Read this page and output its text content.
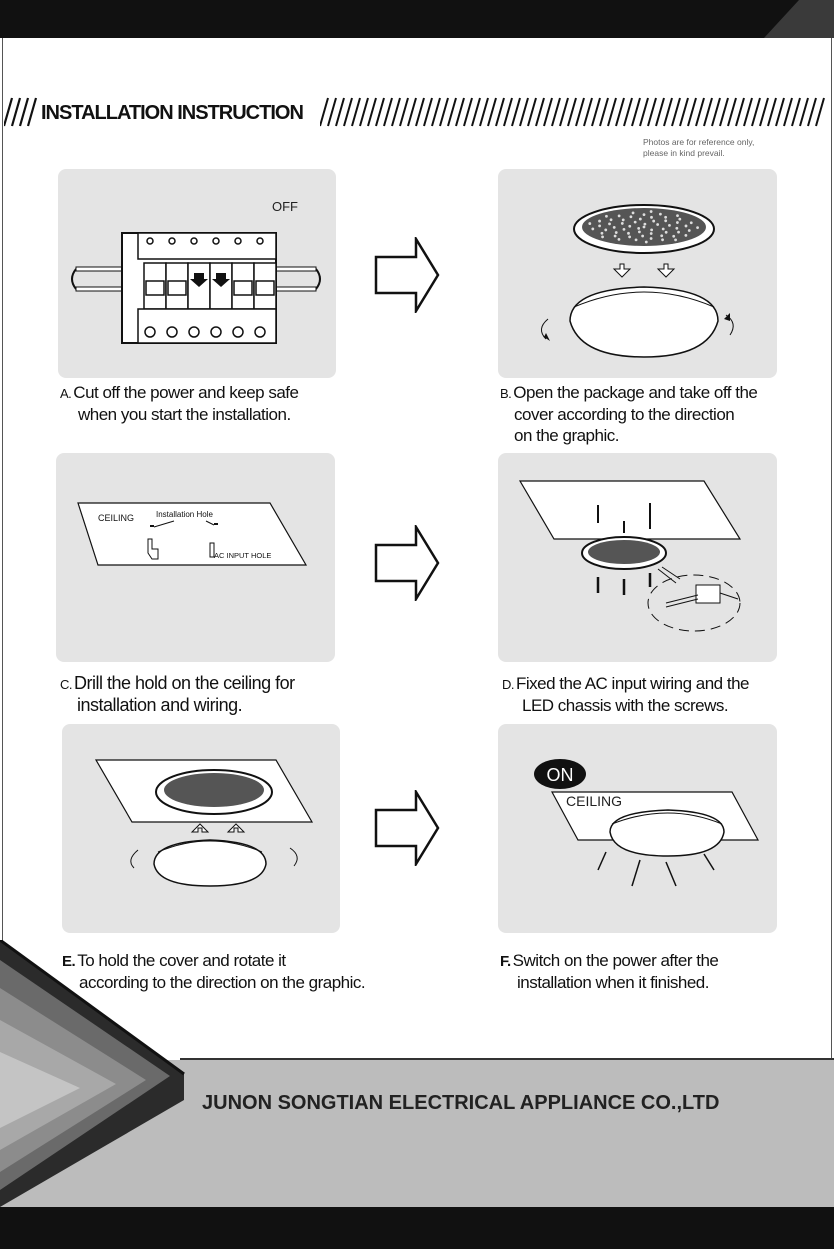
INSTALLATION INSTRUCTION
Photos are for reference only,
please in kind prevail.
OFF
A. Cut off the power and keep safe
when you start the installation.
B. Open the package and take off the
cover according to the direction
on the graphic.
CEILING	Installation Hole
AC INPUT HOLE
C. Drill the hold on the ceiling for
installation and wiring.
D. Fixed the AC input wiring and the
LED chassis with the screws.
E. To hold the cover and rotate it
according to the direction on the graphic.
ON
CEILING
F. Switch on the power after the
installation when it finished.
JUNON SONGTIAN ELECTRICAL APPLIANCE CO.,LTD
